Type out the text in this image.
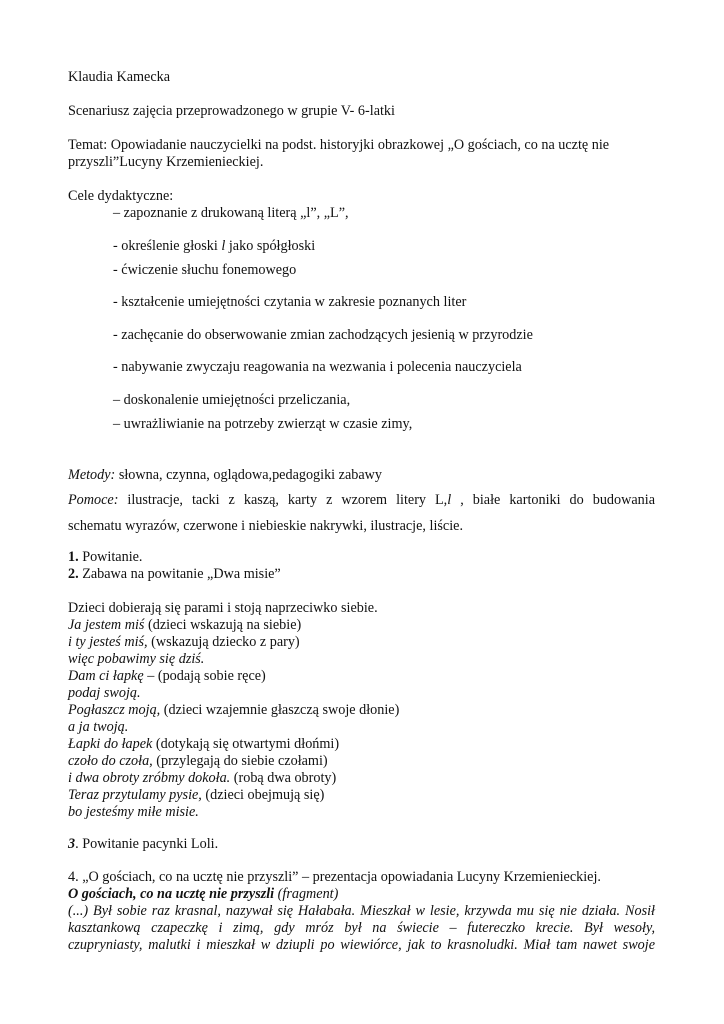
Klaudia Kamecka
Scenariusz zajęcia przeprowadzonego w grupie V- 6-latki
Temat: Opowiadanie nauczycielki na podst. historyjki obrazkowej „O gościach, co na ucztę nie
przyszli”Lucyny Krzemienieckiej.
Cele dydaktyczne:
– zapoznanie z drukowaną literą „l”, „L”,
- określenie głoski l jako spółgłoski
- ćwiczenie słuchu fonemowego
- kształcenie umiejętności czytania w zakresie poznanych liter
- zachęcanie do obserwowanie zmian zachodzących jesienią w przyrodzie
- nabywanie zwyczaju reagowania na wezwania i polecenia nauczyciela
– doskonalenie umiejętności przeliczania,
– uwrażliwianie na potrzeby zwierząt w czasie zimy,
Metody: słowna, czynna, oglądowa,pedagogiki zabawy
Pomoce: ilustracje, tacki z kaszą, karty z wzorem litery L,l , białe kartoniki do budowania
schematu wyrazów, czerwone i niebieskie nakrywki, ilustracje, liście.
1. Powitanie.
2. Zabawa na powitanie „Dwa misie”
Dzieci dobierają się parami i stoją naprzeciwko siebie.
Ja jestem miś (dzieci wskazują na siebie)
i ty jesteś miś, (wskazują dziecko z pary)
więc pobawimy się dziś.
Dam ci łapkę – (podają sobie ręce)
podaj swoją.
Pogłaszcz moją, (dzieci wzajemnie głaszczą swoje dłonie)
a ja twoją.
Łapki do łapek (dotykają się otwartymi dłońmi)
czoło do czoła, (przylegają do siebie czołami)
i dwa obroty zróbmy dokoła. (robą dwa obroty)
Teraz przytulamy pysie, (dzieci obejmują się)
bo jesteśmy miłe misie.
3. Powitanie pacynki Loli.
4. „O gościach, co na ucztę nie przyszli” – prezentacja opowiadania Lucyny Krzemienieckiej.
O gościach, co na ucztę nie przyszli (fragment)
(...) Był sobie raz krasnal, nazywał się Hałabała. Mieszkał w lesie, krzywda mu się nie działa. Nosił
kasztankową czapeczkę i zimą, gdy mróz był na świecie – futereczko krecie. Był wesoły,
czupryniasty, malutki i mieszkał w dziupli po wiewiórce, jak to krasnoludki. Miał tam nawet swoje
